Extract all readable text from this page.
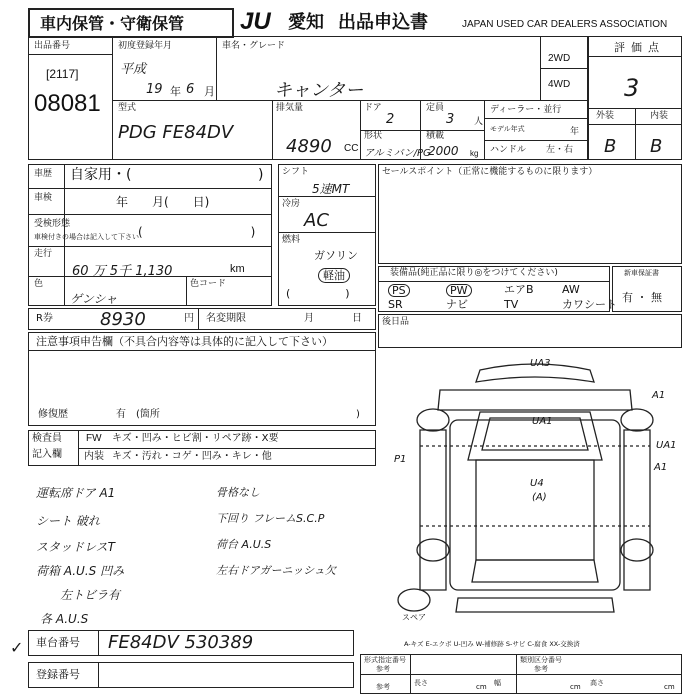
車内保管・守衛保管 JU 愛知 出品申込書	JAPAN USED CAR DEALERS ASSOCIATION
出品番号
[2117]
08081
初度登録年月
平成
19 年 6 月
車名・グレード
キャンター
2WD
4WD
型式
PDG FE84DV
排気量
4890 CC
ドア
2
定員
3 人
形状
アルミバン/PG
積載
2000 kg
ディーラー・並行
モデル年式	年
ハンドル 左・右
評価点
3
外装	内装
B B
車歴 自家用・(	)
車検	年　　月(　　日)
受検形態
車検付きの場合は記入して下さい (　　　　　　　　　)
走行
60 万 5千 1,130	km
色
ゲンシャ
色コード
シフト
5速MT
冷房
AC
燃料
ガソリン
軽油
(　　　　　)
セールスポイント（正常に機能するものに限ります）
装備品(純正品に限り◎をつけてください)
PS	PW	エアB	AW
SR	ナビ	TV	カワシート
新車保証書
有 ・ 無
R券	8930	円 名変期限	月	日 後日品
注意事項申告欄（不具合内容等は具体的に記入して下さい）
修復歴	有　(箇所	)
検査員
記入欄
FW キズ・凹み・ヒビ割・リペア跡・X要
内装 キズ・汚れ・コゲ・凹み・キレ・他
運転席ドア A1
シート 破れ
スタッドレスT
荷箱 A.U.S 凹み
左トビラ有
各 A.U.S
骨格なし
下回り フレームS.C.P
荷台 A.U.S
左右ドアガーニッシュ欠
UA3
A1
UA1
A1
UA1
P1
U4
(A)
スペア
A-キズ E-エクボ U-凹み W-補修跡 S-サビ C-腐食 XX-交換済
✓ 車台番号 FE84DV 530389
登録番号
形式指定番号
参考
類別区分番号
参考
参考	長さ	cm 幅	cm 高さ	cm
